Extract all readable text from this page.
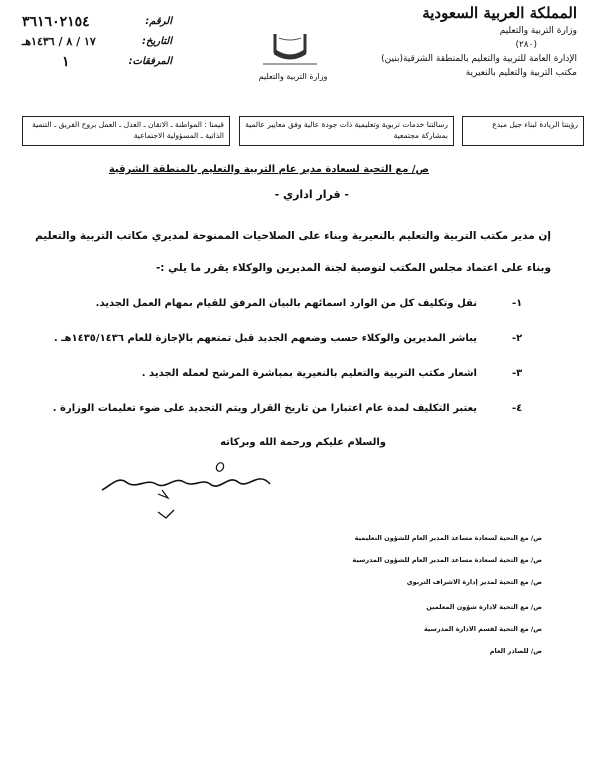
المملكة العربية السعودية
وزارة التربية والتعليم
(٢٨٠)
الإدارة العامة للتربية والتعليم بالمنطقة الشرقية(بنين)
مكتب التربية والتعليم بالنعيرية
وزارة التربية والتعليم
الرقم:
٣٦١٦٠٢١٥٤
التاريخ:
١٧ / ٨ / ١٤٣٦هـ
المرفقات:
١
رؤيتنا الريادة لبناء جيل مبدع
رسالتنا خدمات تربوية وتعليمية ذات جودة عالية وفق معايير عالمية بمشاركة مجتمعية
قيمنا : المواطنة ـ الاتقان ـ العدل ـ العمل بروح الفريق ـ التنمية الذاتية ـ المسؤولية الاجتماعية
ص/ مع التحية لسعادة مدير عام التربية والتعليم بالمنطقة الشرقية
- قرار اداري -
إن مدير مكتب التربية والتعليم بالنعيرية وبناء على الصلاحيات الممنوحة لمديري مكاتب التربية والتعليم
وبناء على اعتماد مجلس المكتب لتوصية لجنة المديرين والوكلاء يقرر ما يلي :-
١-
نقل وتكليف كل من الوارد اسمائهم بالبيان المرفق للقيام بمهام العمل الجديد.
٢-
يباشر المديرين والوكلاء حسب وضعهم الجديد قبل تمتعهم بالإجازة للعام ١٤٣٥/١٤٣٦هـ .
٣-
اشعار مكتب التربية والتعليم بالنعيرية بمباشرة المرشح لعمله الجديد .
٤-
يعتبر التكليف لمدة عام اعتبارا من تاريخ القرار ويتم التجديد على ضوء تعليمات الوزارة .
والسلام عليكم ورحمة الله وبركاته
ص/ مع التحية لسعادة مساعد المدير العام للشؤون التعليمية
ص/ مع التحية لسعادة مساعد المدير العام للشؤون المدرسية
ص/ مع التحية لمدير إدارة الاشراف التربوي
ص/ مع التحية لادارة شؤون المعلمين
ص/ مع التحية لقسم الادارة المدرسية
ص/ للصادر العام
